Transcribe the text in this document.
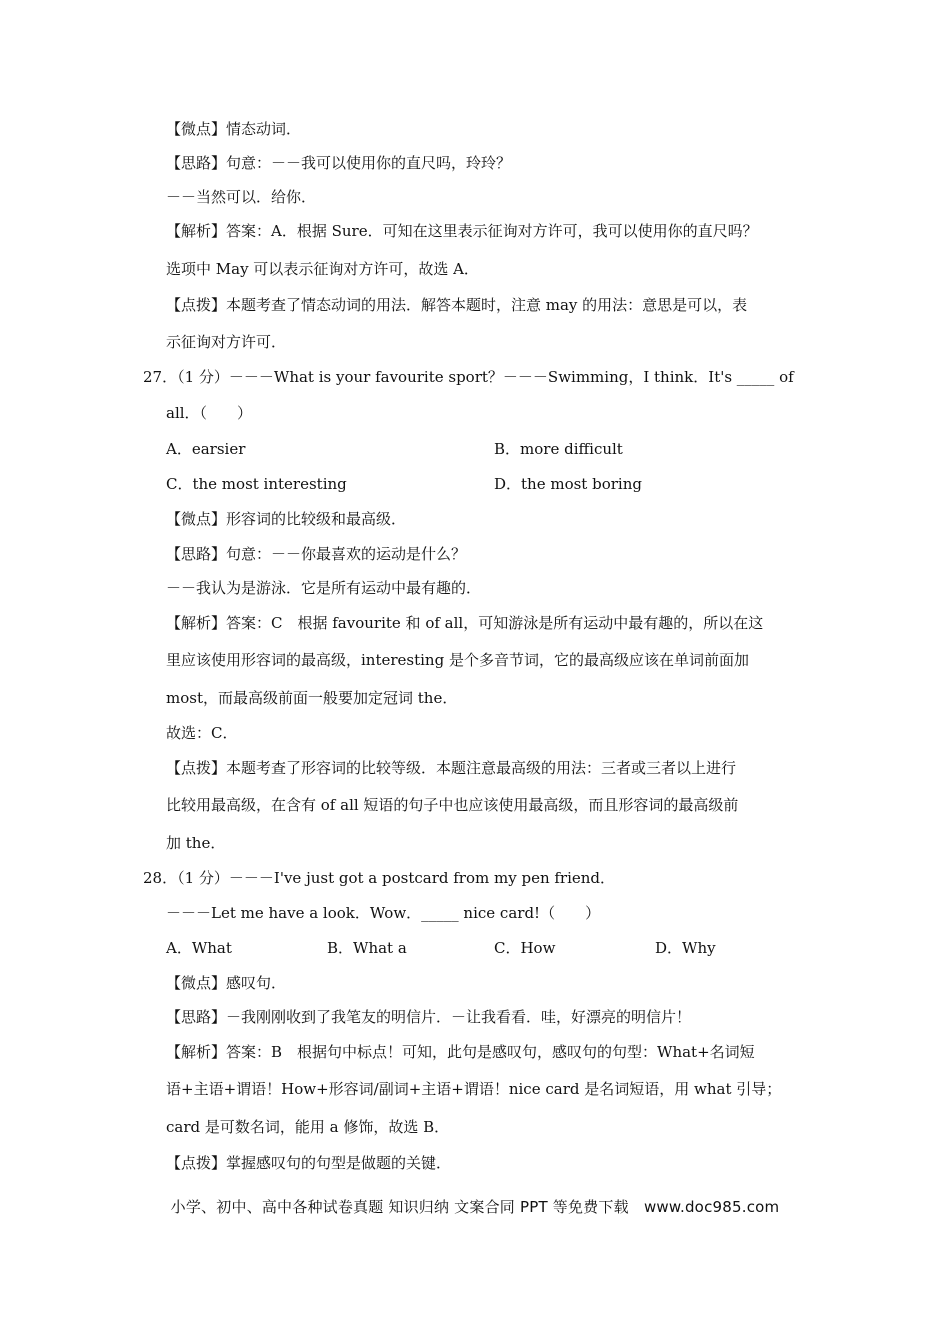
【微点】情态动词．
【思路】句意：－－我可以使用你的直尺吗，玲玲？
－－当然可以．给你．
【解析】答案：A．根据 Sure．可知在这里表示征询对方许可，我可以使用你的直尺吗？
选项中 May 可以表示征询对方许可，故选 A．
【点拨】本题考查了情态动词的用法．解答本题时，注意 may 的用法：意思是可以，表
示征询对方许可．
27．（1 分）－－－What is your favourite sport？－－－Swimming，I think．It's _____ of
all．（　　）
A．earsier	B．more difficult
C．the most interesting	D．the most boring
【微点】形容词的比较级和最高级．
【思路】句意：－－你最喜欢的运动是什么？
－－我认为是游泳．它是所有运动中最有趣的．
【解析】答案：C　根据 favourite 和 of all，可知游泳是所有运动中最有趣的，所以在这
里应该使用形容词的最高级，interesting 是个多音节词，它的最高级应该在单词前面加
most，而最高级前面一般要加定冠词 the．
故选：C．
【点拨】本题考查了形容词的比较等级．本题注意最高级的用法：三者或三者以上进行
比较用最高级，在含有 of all 短语的句子中也应该使用最高级，而且形容词的最高级前
加 the．
28．（1 分）－－－I've just got a postcard from my pen friend．
－－－Let me have a look．Wow．_____ nice card!（　　）
A．What	B．What a	C．How	D．Why
【微点】感叹句．
【思路】－我刚刚收到了我笔友的明信片．－让我看看．哇，好漂亮的明信片！
【解析】答案：B　根据句中标点！可知，此句是感叹句，感叹句的句型：What+名词短
语+主语+谓语！How+形容词/副词+主语+谓语！nice card 是名词短语，用 what 引导；
card 是可数名词，能用 a 修饰，故选 B．
【点拨】掌握感叹句的句型是做题的关键．
小学、初中、高中各种试卷真题 知识归纳 文案合同 PPT 等免费下载　www.doc985.com
